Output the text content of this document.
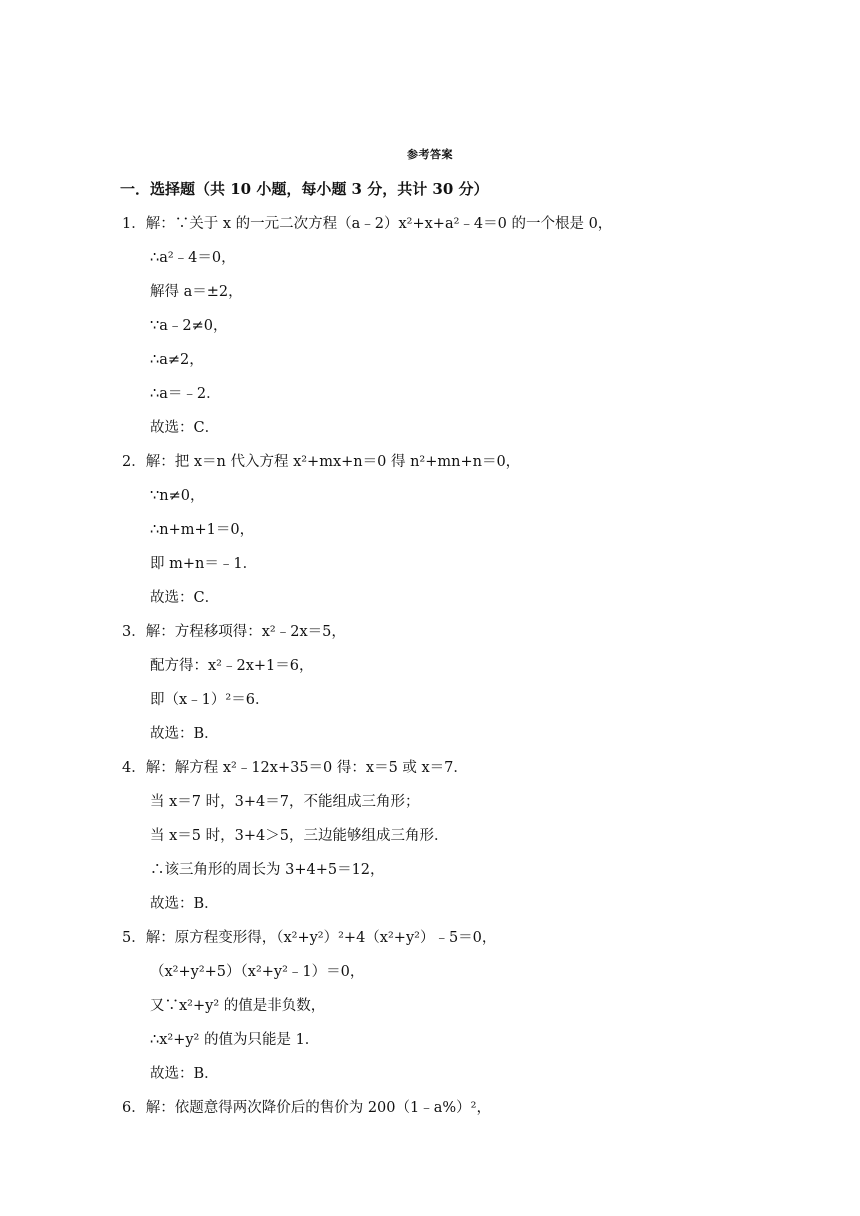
参考答案
一．选择题（共 10 小题，每小题 3 分，共计 30 分）
1．解：∵关于 x 的一元二次方程（a﹣2）x²+x+a²﹣4＝0 的一个根是 0，
∴a²﹣4＝0，
解得 a＝±2，
∵a﹣2≠0，
∴a≠2，
∴a＝﹣2．
故选：C．
2．解：把 x＝n 代入方程 x²+mx+n＝0 得 n²+mn+n＝0，
∵n≠0，
∴n+m+1＝0，
即 m+n＝﹣1．
故选：C．
3．解：方程移项得：x²﹣2x＝5，
配方得：x²﹣2x+1＝6，
即（x﹣1）²＝6．
故选：B．
4．解：解方程 x²﹣12x+35＝0 得：x＝5 或 x＝7．
当 x＝7 时，3+4＝7，不能组成三角形；
当 x＝5 时，3+4＞5，三边能够组成三角形．
∴该三角形的周长为 3+4+5＝12，
故选：B．
5．解：原方程变形得，（x²+y²）²+4（x²+y²）﹣5＝0，
（x²+y²+5）（x²+y²﹣1）＝0，
又∵x²+y² 的值是非负数，
∴x²+y² 的值为只能是 1．
故选：B．
6．解：依题意得两次降价后的售价为 200（1﹣a%）²，
